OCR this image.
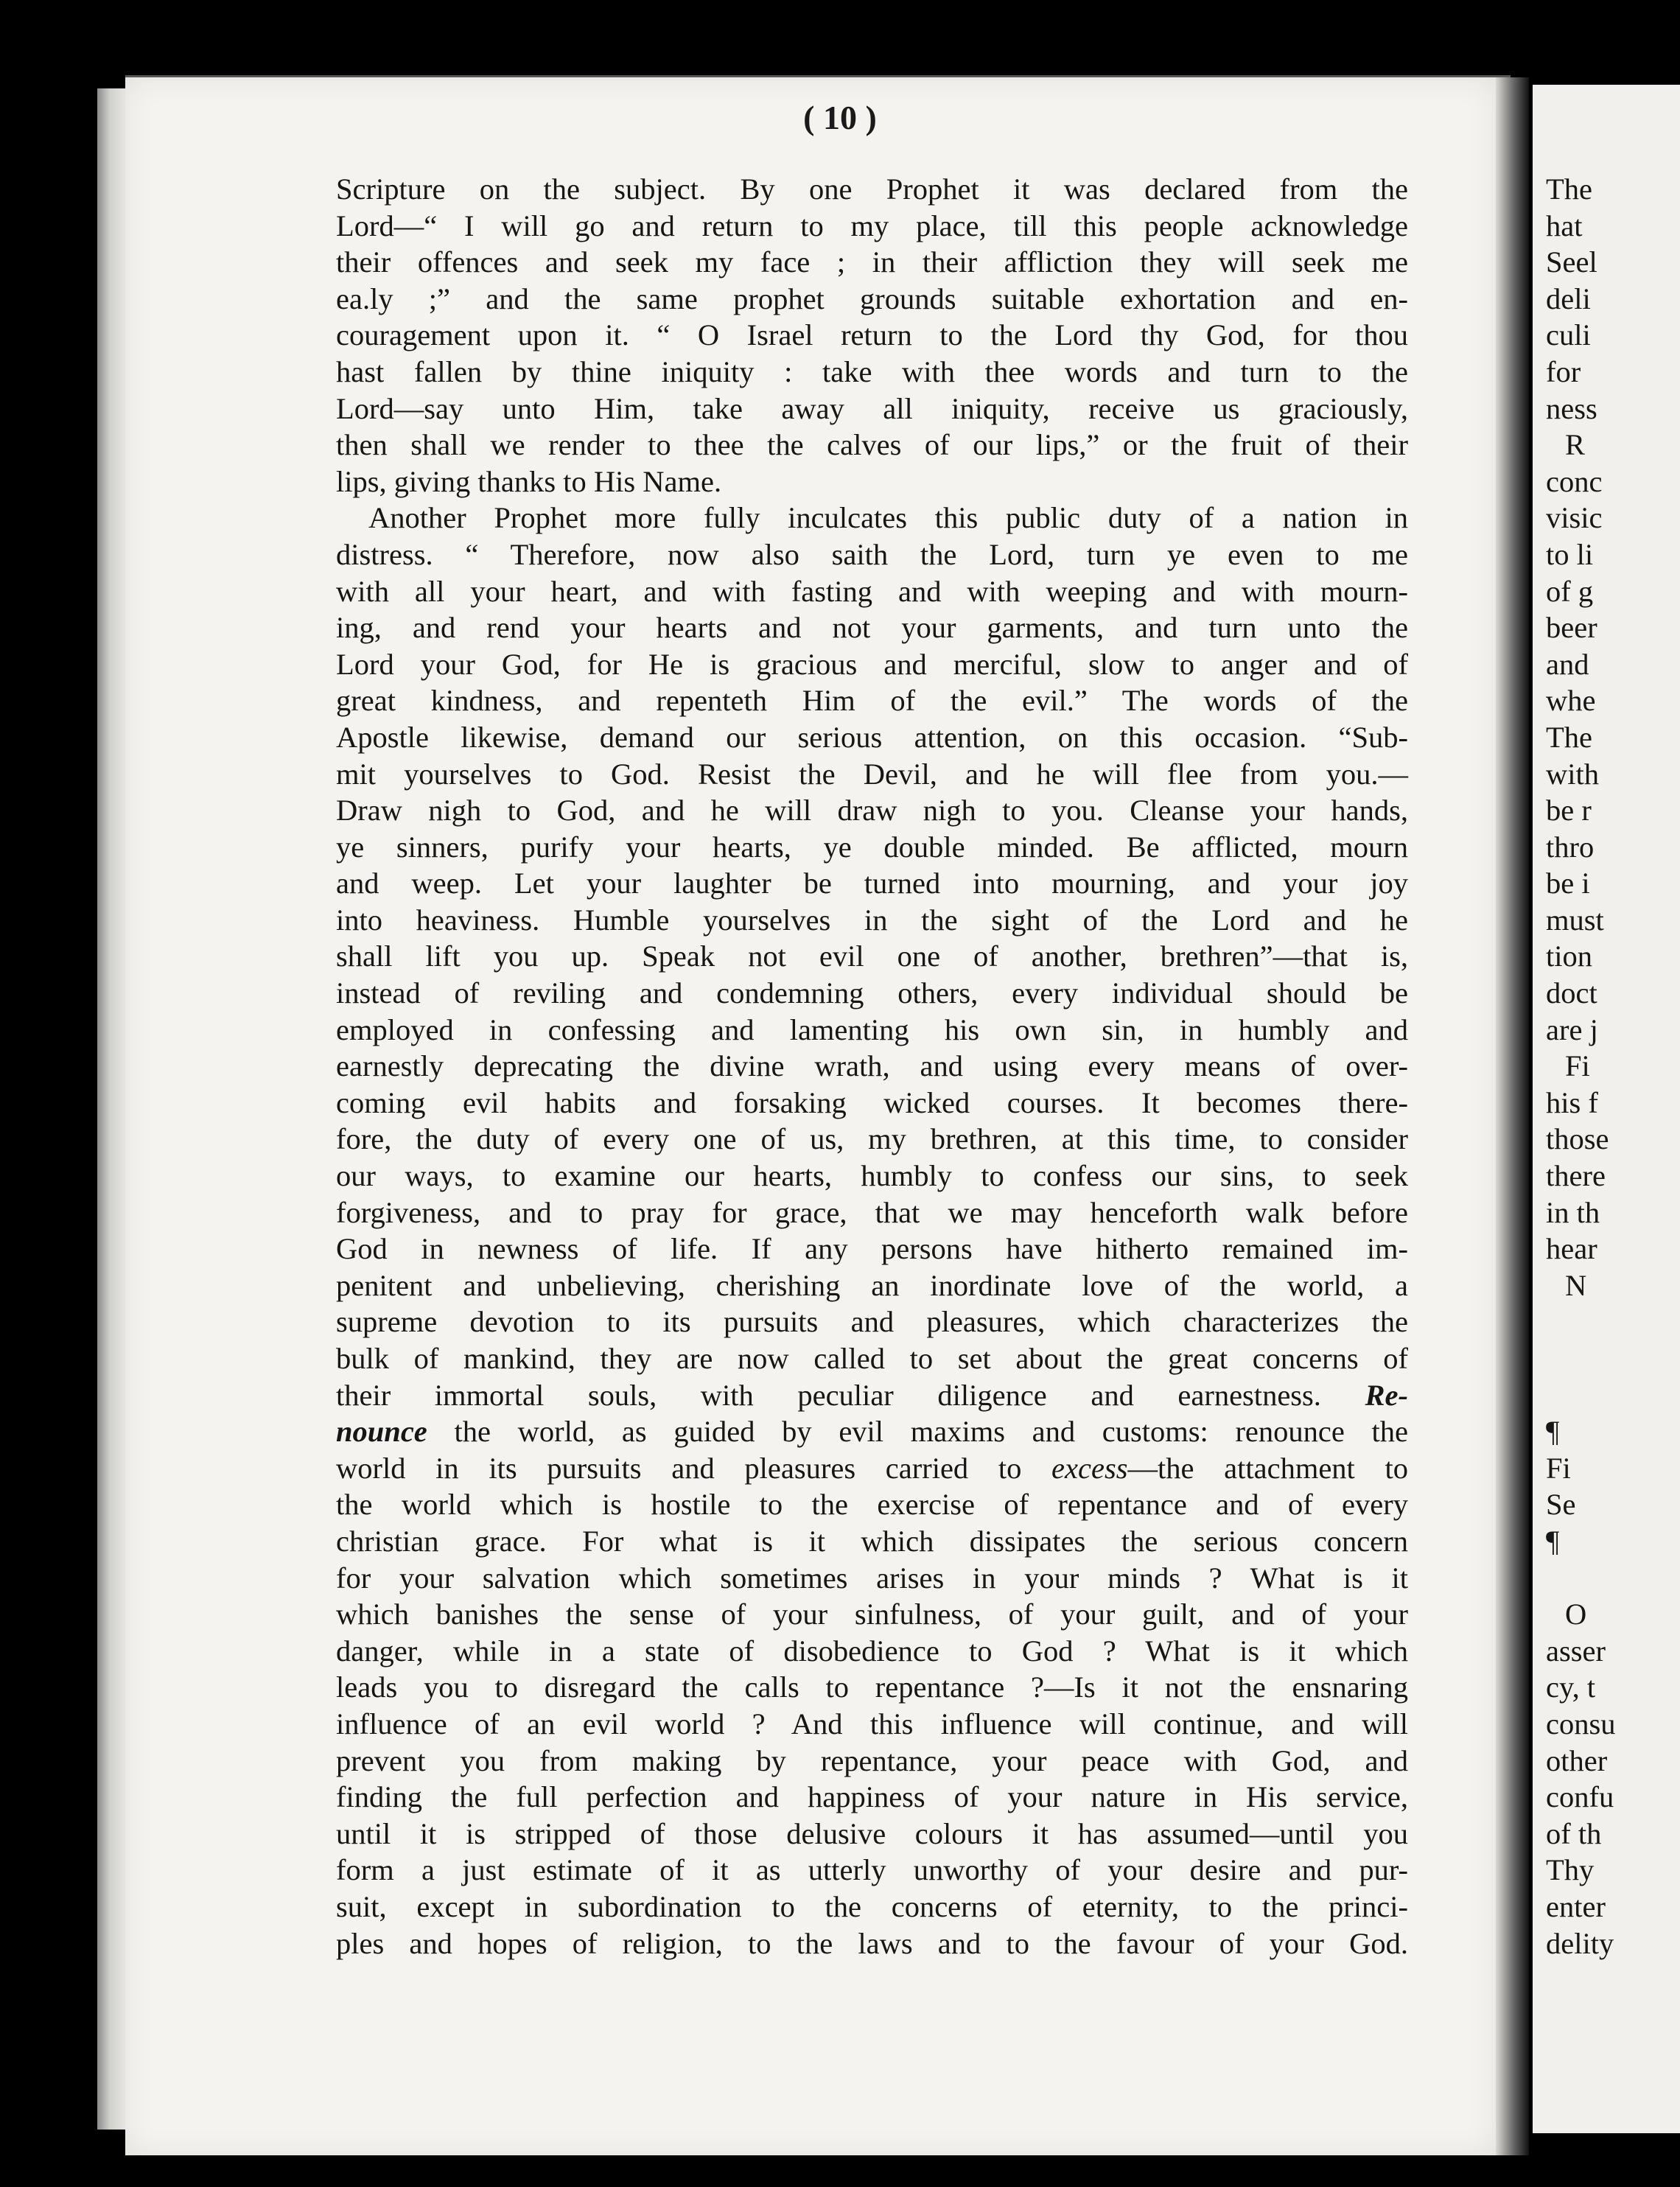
( 10 )
Scripture on the subject. By one Prophet it was declared from the
Lord—“ I will go and return to my place, till this people acknowledge
their offences and seek my face ; in their affliction they will seek me
ea.ly ;” and the same prophet grounds suitable exhortation and en-
couragement upon it. “ O Israel return to the Lord thy God, for thou
hast fallen by thine iniquity : take with thee words and turn to the
Lord—say unto Him, take away all iniquity, receive us graciously,
then shall we render to thee the calves of our lips,” or the fruit of their
lips, giving thanks to His Name.
Another Prophet more fully inculcates this public duty of a nation in
distress. “ Therefore, now also saith the Lord, turn ye even to me
with all your heart, and with fasting and with weeping and with mourn-
ing, and rend your hearts and not your garments, and turn unto the
Lord your God, for He is gracious and merciful, slow to anger and of
great kindness, and repenteth Him of the evil.” The words of the
Apostle likewise, demand our serious attention, on this occasion. “Sub-
mit yourselves to God. Resist the Devil, and he will flee from you.—
Draw nigh to God, and he will draw nigh to you. Cleanse your hands,
ye sinners, purify your hearts, ye double minded. Be afflicted, mourn
and weep. Let your laughter be turned into mourning, and your joy
into heaviness. Humble yourselves in the sight of the Lord and he
shall lift you up. Speak not evil one of another, brethren”—that is,
instead of reviling and condemning others, every individual should be
employed in confessing and lamenting his own sin, in humbly and
earnestly deprecating the divine wrath, and using every means of over-
coming evil habits and forsaking wicked courses. It becomes there-
fore, the duty of every one of us, my brethren, at this time, to consider
our ways, to examine our hearts, humbly to confess our sins, to seek
forgiveness, and to pray for grace, that we may henceforth walk before
God in newness of life. If any persons have hitherto remained im-
penitent and unbelieving, cherishing an inordinate love of the world, a
supreme devotion to its pursuits and pleasures, which characterizes the
bulk of mankind, they are now called to set about the great concerns of
their immortal souls, with peculiar diligence and earnestness. Re-
nounce the world, as guided by evil maxims and customs: renounce the
world in its pursuits and pleasures carried to excess—the attachment to
the world which is hostile to the exercise of repentance and of every
christian grace. For what is it which dissipates the serious concern
for your salvation which sometimes arises in your minds ? What is it
which banishes the sense of your sinfulness, of your guilt, and of your
danger, while in a state of disobedience to God ? What is it which
leads you to disregard the calls to repentance ?—Is it not the ensnaring
influence of an evil world ? And this influence will continue, and will
prevent you from making by repentance, your peace with God, and
finding the full perfection and happiness of your nature in His service,
until it is stripped of those delusive colours it has assumed—until you
form a just estimate of it as utterly unworthy of your desire and pur-
suit, except in subordination to the concerns of eternity, to the princi-
ples and hopes of religion, to the laws and to the favour of your God.
The
hat
Seel
deli
culi
for
ness
R
conc
visic
to li
of g
beer
and
whe
The
with
be r
thro
be i
must
tion
doct
are j
Fi
his f
those
there
in th
hear
N
¶
Fi
Se
¶
O
asser
cy, t
consu
other
confu
of th
Thy
enter
delity
